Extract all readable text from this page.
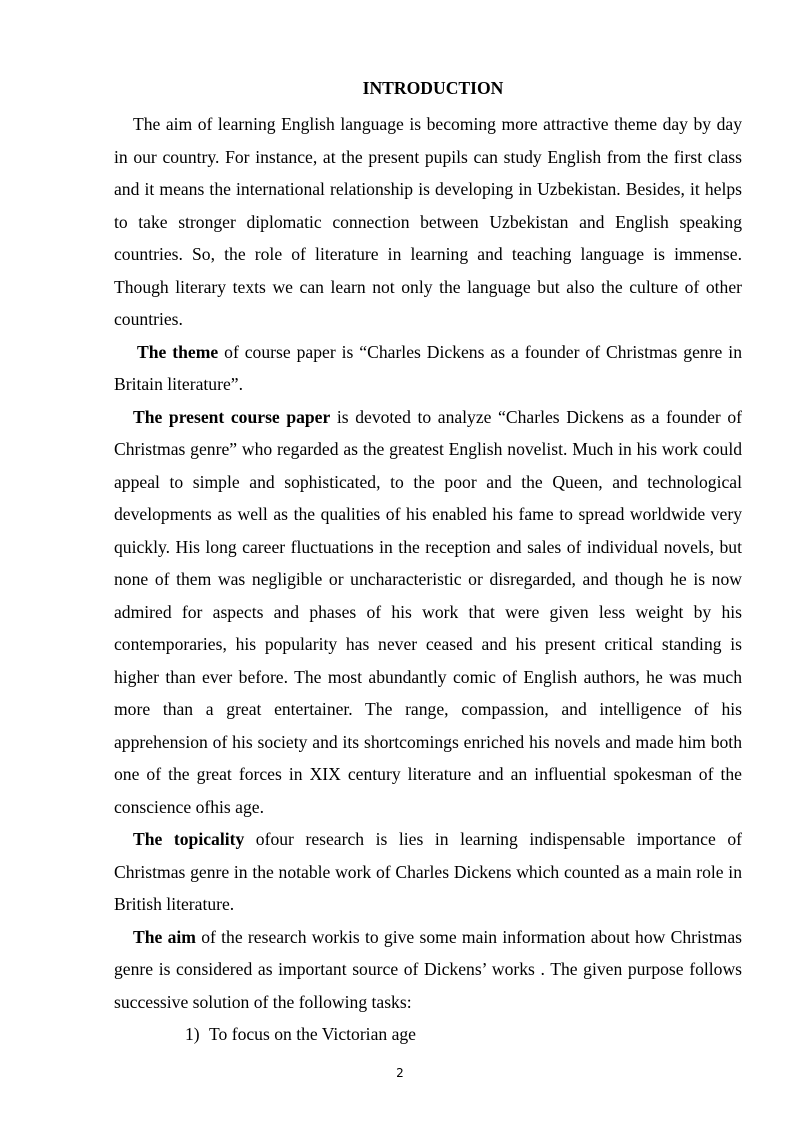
INTRODUCTION

The aim of learning English language is becoming more attractive theme day by day in our country. For instance, at the present pupils can study English from the first class and it means the international relationship is developing in Uzbekistan. Besides, it helps to take stronger diplomatic connection between Uzbekistan and English speaking countries. So, the role of literature in learning and teaching language is immense. Though literary texts we can learn not only the language but also the culture of other countries.

The theme of course paper is “Charles Dickens as a founder of Christmas genre in Britain literature”.

The present course paper is devoted to analyze “Charles Dickens as a founder of Christmas genre” who regarded as the greatest English novelist. Much in his work could appeal to simple and sophisticated, to the poor and the Queen, and technological developments as well as the qualities of his enabled his fame to spread worldwide very quickly. His long career fluctuations in the reception and sales of individual novels, but none of them was negligible or uncharacteristic or disregarded, and though he is now admired for aspects and phases of his work that were given less weight by his contemporaries, his popularity has never ceased and his present critical standing is higher than ever before. The most abundantly comic of English authors, he was much more than a great entertainer. The range, compassion, and intelligence of his apprehension of his society and its shortcomings enriched his novels and made him both one of the great forces in XIX century literature and an influential spokesman of the conscience ofhis age.

The topicality ofour research is lies in learning indispensable importance of Christmas genre in the notable work of Charles Dickens which counted as a main role in British literature.

The aim of the research workis to give some main information about how Christmas genre is considered as important source of Dickens’ works . The given purpose follows successive solution of the following tasks:

1) To focus on the Victorian age
2
